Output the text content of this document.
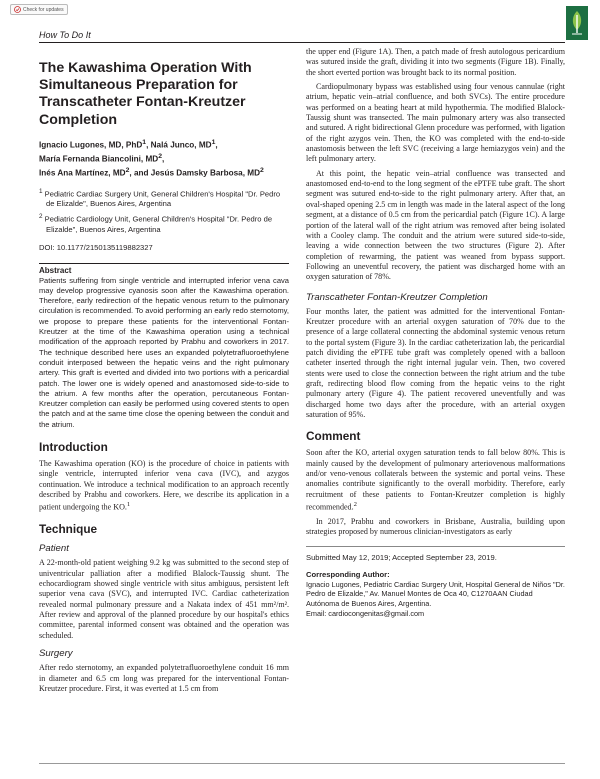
Check for updates
How To Do It
The Kawashima Operation With Simultaneous Preparation for Transcatheter Fontan-Kreutzer Completion
Ignacio Lugones, MD, PhD$^1$, Nalá Junco, $MD^1$,
María Fernanda Biancolini, $MD^2$,
Inés Ana Martínez, $MD^2$, and Jesús Damsky Barbosa, $MD^2$

$^1$ Pediatric Cardiac Surgery Unit, General Children's Hospital "Dr. Pedro de Elizalde", Buenos Aires, Argentina

$^2$ Pediatric Cardiology Unit, General Children's Hospital "Dr. Pedro de Elizalde", Buenos Aires, Argentina

DOI: 10.1177/2150135119882327
Abstract

Patients suffering from single ventricle and interrupted inferior vena cava may develop progressive cyanosis soon after the Kawashima operation. Therefore, early redirection of the hepatic venous return to the pulmonary circulation is recommended. To avoid performing an early redo sternotomy, we propose to prepare these patients for the interventional Fontan-Kreutzer at the time of the Kawashima operation using a technical modification of the approach reported by Prabhu and coworkers in 2017. The technique described here uses an expanded polytetrafluoroethylene conduit interposed between the hepatic veins and the right pulmonary artery. This graft is everted and divided into two portions with a pericardial patch. The lower one is widely opened and anastomosed side-to-side to the atrium. A few months after the operation, percutaneous Fontan-Kreutzer completion can easily be performed using covered stents to open the patch and at the same time close the opening between the conduit and the atrium.

Introduction

The Kawashima operation (KO) is the procedure of choice in patients with single ventricle, interrupted inferior vena cava (IVC), and azygos continuation. We introduce a technical modification to an approach recently described by Prabhu and coworkers. Here, we describe its application in a patient undergoing the KO.$^1$

Technique
Patient

A 22-month-old patient weighing 9.2 kg was submitted to the second step of univentricular palliation after a modified Blalock-Taussig shunt. The echocardiogram showed single ventricle with situs ambiguus, persistent left superior vena cava (SVC), and interrupted IVC. Cardiac catheterization revealed normal pulmonary pressure and a Nakata index of 451 mm²/m². After review and approval of the planned procedure by our hospital's ethics committee, parental informed consent was obtained and the operation was scheduled.

Surgery

After redo sternotomy, an expanded polytetrafluoroethylene conduit 16 mm in diameter and 6.5 cm long was prepared for the interventional Fontan-Kreutzer procedure. First, it was everted at 1.5 cm from

the upper end (Figure 1A). Then, a patch made of fresh autologous pericardium was sutured inside the graft, dividing it into two segments (Figure 1B). Finally, the short everted portion was brought back to its normal position.

Cardiopulmonary bypass was established using four venous cannulae (right atrium, hepatic vein–atrial confluence, and both SVCs). The entire procedure was performed on a beating heart at mild hypothermia. The modified Blalock-Taussig shunt was transected. The main pulmonary artery was also transected and sutured. A right bidirectional Glenn procedure was performed, with ligation of the right azygos vein. Then, the KO was completed with the end-to-side anastomosis between the left SVC (receiving a large hemiazygos vein) and the left pulmonary artery.

At this point, the hepatic vein–atrial confluence was transected and anastomosed end-to-end to the long segment of the ePTFE tube graft. The short segment was sutured end-to-side to the right pulmonary artery. After that, an oval-shaped opening 2.5 cm in length was made in the lateral aspect of the long segment, at a distance of 0.5 cm from the pericardial patch (Figure 1C). A large portion of the lateral wall of the right atrium was removed after being isolated with a Cooley clamp. The conduit and the atrium were sutured side-to-side, leaving a wide connection between the two structures (Figure 2). After completion of rewarming, the patient was weaned from bypass support. Following an uneventful recovery, the patient was discharged home with an oxygen saturation of 78%.

Transcatheter Fontan-Kreutzer Completion

Four months later, the patient was admitted for the interventional Fontan-Kreutzer procedure with an arterial oxygen saturation of 70% due to the presence of a large collateral connecting the abdominal systemic venous return to the portal system (Figure 3). In the cardiac catheterization lab, the pericardial patch dividing the ePTFE tube graft was completely opened with a balloon catheter inserted through the right internal jugular vein. Then, two covered stents were used to close the connection between the right atrium and the tube graft, redirecting blood flow coming from the hepatic veins to the right pulmonary artery (Figure 4). The patient recovered uneventfully and was discharged home two days after the procedure, with an arterial oxygen saturation of 95%.

Comment

Soon after the KO, arterial oxygen saturation tends to fall below 80%. This is mainly caused by the development of pulmonary arteriovenous malformations and/or veno-venous collaterals between the systemic and portal veins. These anomalies contribute significantly to the overall morbidity. Therefore, early recruitment of these patients to Fontan-Kreutzer completion is highly recommended.$^2$

In 2017, Prabhu and coworkers in Brisbane, Australia, building upon strategies proposed by numerous clinician-investigators as early

Submitted May 12, 2019; Accepted September 23, 2019.

Corresponding Author:

Ignacio Lugones, Pediatric Cardiac Surgery Unit, Hospital General de Niños "Dr. Pedro de Elizalde," Av. Manuel Montes de Oca 40, C1270AAN Ciudad Autónoma de Buenos Aires, Argentina.

Email: cardiocongenitas@gmail.com
